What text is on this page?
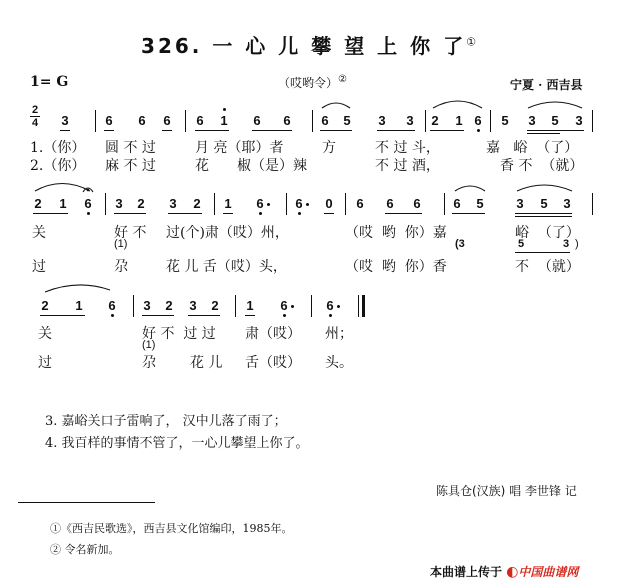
326. 一 心 儿 攀 望 上 你 了①
1= G	（哎哟令）②	宁夏 · 西吉县
2
4 3	6 6 6 6 1 6 6 6 5 3 3 2 1 6 5 3 5 3
1.（你） 圆 不 过	月 亮（耶）者	方	不 过 斗，	嘉   峪  （了）
2.（你） 麻 不 过	花 椒（是）辣	不 过 酒，	香 不  （就）
2 1 6 3 2 3 2 1 6 6 0 6 6 6	6 5	3 5 3
关	好 不 过(个)肃（哎）州，	（哎  哟  你）嘉	峪  （了）
(1)	(3	5	3 )
过	尕	花 儿 舌（哎）头，	（哎  哟  你）香	不  （就）
2 1 6 3 2 3 2 1 6	6
关	好 不  过 过 肃（哎） 州；
(1)
过	尕 花 儿 舌（哎） 头。
3. 嘉峪关口子雷响了， 汉中儿落了雨了；
4. 我百样的事情不管了，一心儿攀望上你了。
陈具仓(汉族) 唱 李世锋 记
①《西吉民歌选》，西吉县文化馆编印，1985年。
② 令名新加。
本曲谱上传于 ◐中国曲谱网
